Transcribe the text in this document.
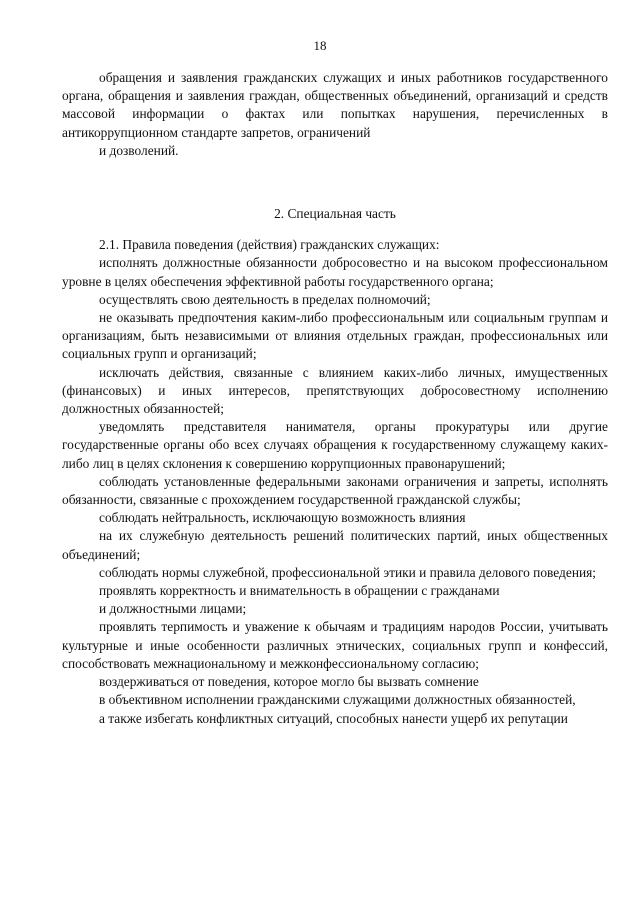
18

обращения и заявления гражданских служащих и иных работников государственного органа, обращения и заявления граждан, общественных объединений, организаций и средств массовой информации о фактах или попытках нарушения, перечисленных в антикоррупционном стандарте запретов, ограничений

и дозволений.

2. Специальная часть

2.1. Правила поведения (действия) гражданских служащих:

исполнять должностные обязанности добросовестно и на высоком профессиональном уровне в целях обеспечения эффективной работы государственного органа;

осуществлять свою деятельность в пределах полномочий;

не оказывать предпочтения каким-либо профессиональным или социальным группам и организациям, быть независимыми от влияния отдельных граждан, профессиональных или социальных групп и организаций;

исключать действия, связанные с влиянием каких-либо личных, имущественных (финансовых) и иных интересов, препятствующих добросовестному исполнению должностных обязанностей;

уведомлять представителя нанимателя, органы прокуратуры или другие государственные органы обо всех случаях обращения к государственному служащему каких-либо лиц в целях склонения к совершению коррупционных правонарушений;

соблюдать установленные федеральными законами ограничения и запреты, исполнять обязанности, связанные с прохождением государственной гражданской службы;

соблюдать нейтральность, исключающую возможность влияния

на их служебную деятельность решений политических партий, иных общественных объединений;

соблюдать нормы служебной, профессиональной этики и правила делового поведения;

проявлять корректность и внимательность в обращении с гражданами

и должностными лицами;

проявлять терпимость и уважение к обычаям и традициям народов России, учитывать культурные и иные особенности различных этнических, социальных групп и конфессий, способствовать межнациональному и межконфессиональному согласию;

воздерживаться от поведения, которое могло бы вызвать сомнение

в объективном исполнении гражданскими служащими должностных обязанностей,

а также избегать конфликтных ситуаций, способных нанести ущерб их репутации
